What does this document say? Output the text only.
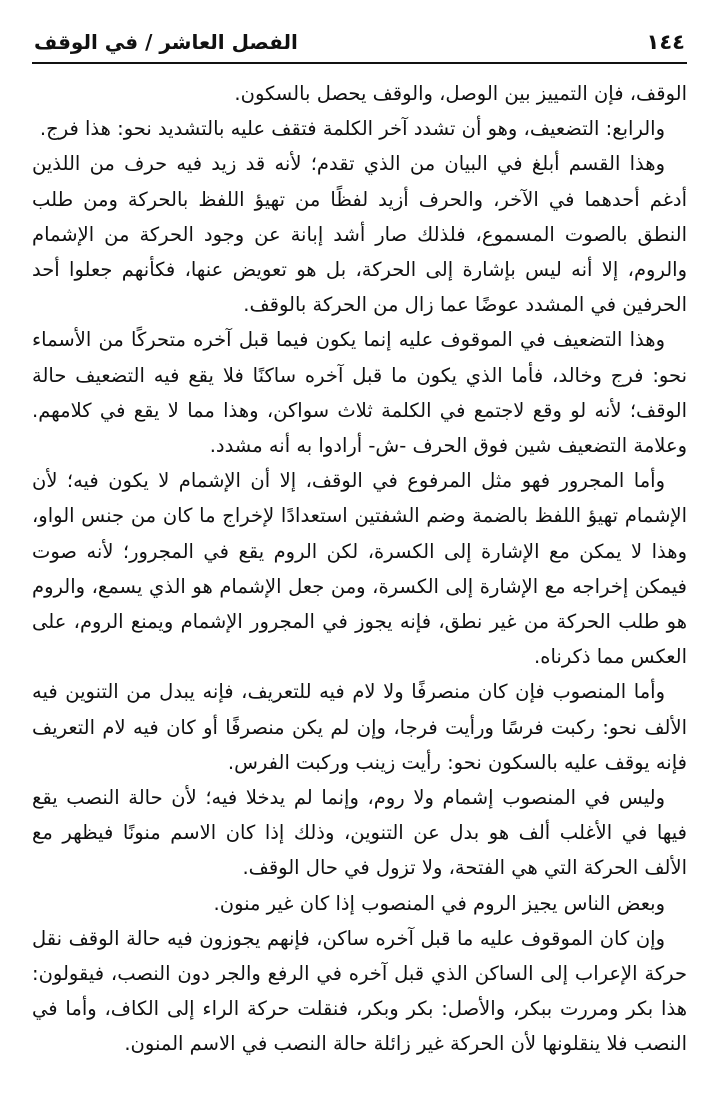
١٤٤
الفصل العاشر / في الوقف

الوقف، فإن التمييز بين الوصل، والوقف يحصل بالسكون.

والرابع: التضعيف، وهو أن تشدد آخر الكلمة فتقف عليه بالتشديد نحو: هذا فرج.

وهذا القسم أبلغ في البيان من الذي تقدم؛ لأنه قد زيد فيه حرف من اللذين أدغم أحدهما في الآخر، والحرف أزيد لفظًا من تهيؤ اللفظ بالحركة ومن طلب النطق بالصوت المسموع، فلذلك صار أشد إبانة عن وجود الحركة من الإشمام والروم، إلا أنه ليس بإشارة إلى الحركة، بل هو تعويض عنها، فكأنهم جعلوا أحد الحرفين في المشدد عوضًا عما زال من الحركة بالوقف.

وهذا التضعيف في الموقوف عليه إنما يكون فيما قبل آخره متحركًا من الأسماء نحو: فرج وخالد، فأما الذي يكون ما قبل آخره ساكنًا فلا يقع فيه التضعيف حالة الوقف؛ لأنه لو وقع لاجتمع في الكلمة ثلاث سواكن، وهذا مما لا يقع في كلامهم. وعلامة التضعيف شين فوق الحرف -ش- أرادوا به أنه مشدد.

وأما المجرور فهو مثل المرفوع في الوقف، إلا أن الإشمام لا يكون فيه؛ لأن الإشمام تهيؤ اللفظ بالضمة وضم الشفتين استعدادًا لإخراج ما كان من جنس الواو، وهذا لا يمكن مع الإشارة إلى الكسرة، لكن الروم يقع في المجرور؛ لأنه صوت فيمكن إخراجه مع الإشارة إلى الكسرة، ومن جعل الإشمام هو الذي يسمع، والروم هو طلب الحركة من غير نطق، فإنه يجوز في المجرور الإشمام ويمنع الروم، على العكس مما ذكرناه.

وأما المنصوب فإن كان منصرفًا ولا لام فيه للتعريف، فإنه يبدل من التنوين فيه الألف نحو: ركبت فرسًا ورأيت فرجا، وإن لم يكن منصرفًا أو كان فيه لام التعريف فإنه يوقف عليه بالسكون نحو: رأيت زينب وركبت الفرس.

وليس في المنصوب إشمام ولا روم، وإنما لم يدخلا فيه؛ لأن حالة النصب يقع فيها في الأغلب ألف هو بدل عن التنوين، وذلك إذا كان الاسم منونًا فيظهر مع الألف الحركة التي هي الفتحة، ولا تزول في حال الوقف.

وبعض الناس يجيز الروم في المنصوب إذا كان غير منون.

وإن كان الموقوف عليه ما قبل آخره ساكن، فإنهم يجوزون فيه حالة الوقف نقل حركة الإعراب إلى الساكن الذي قبل آخره في الرفع والجر دون النصب، فيقولون: هذا بكر ومررت ببكر، والأصل: بكر وبكر، فنقلت حركة الراء إلى الكاف، وأما في النصب فلا ينقلونها لأن الحركة غير زائلة حالة النصب في الاسم المنون.
